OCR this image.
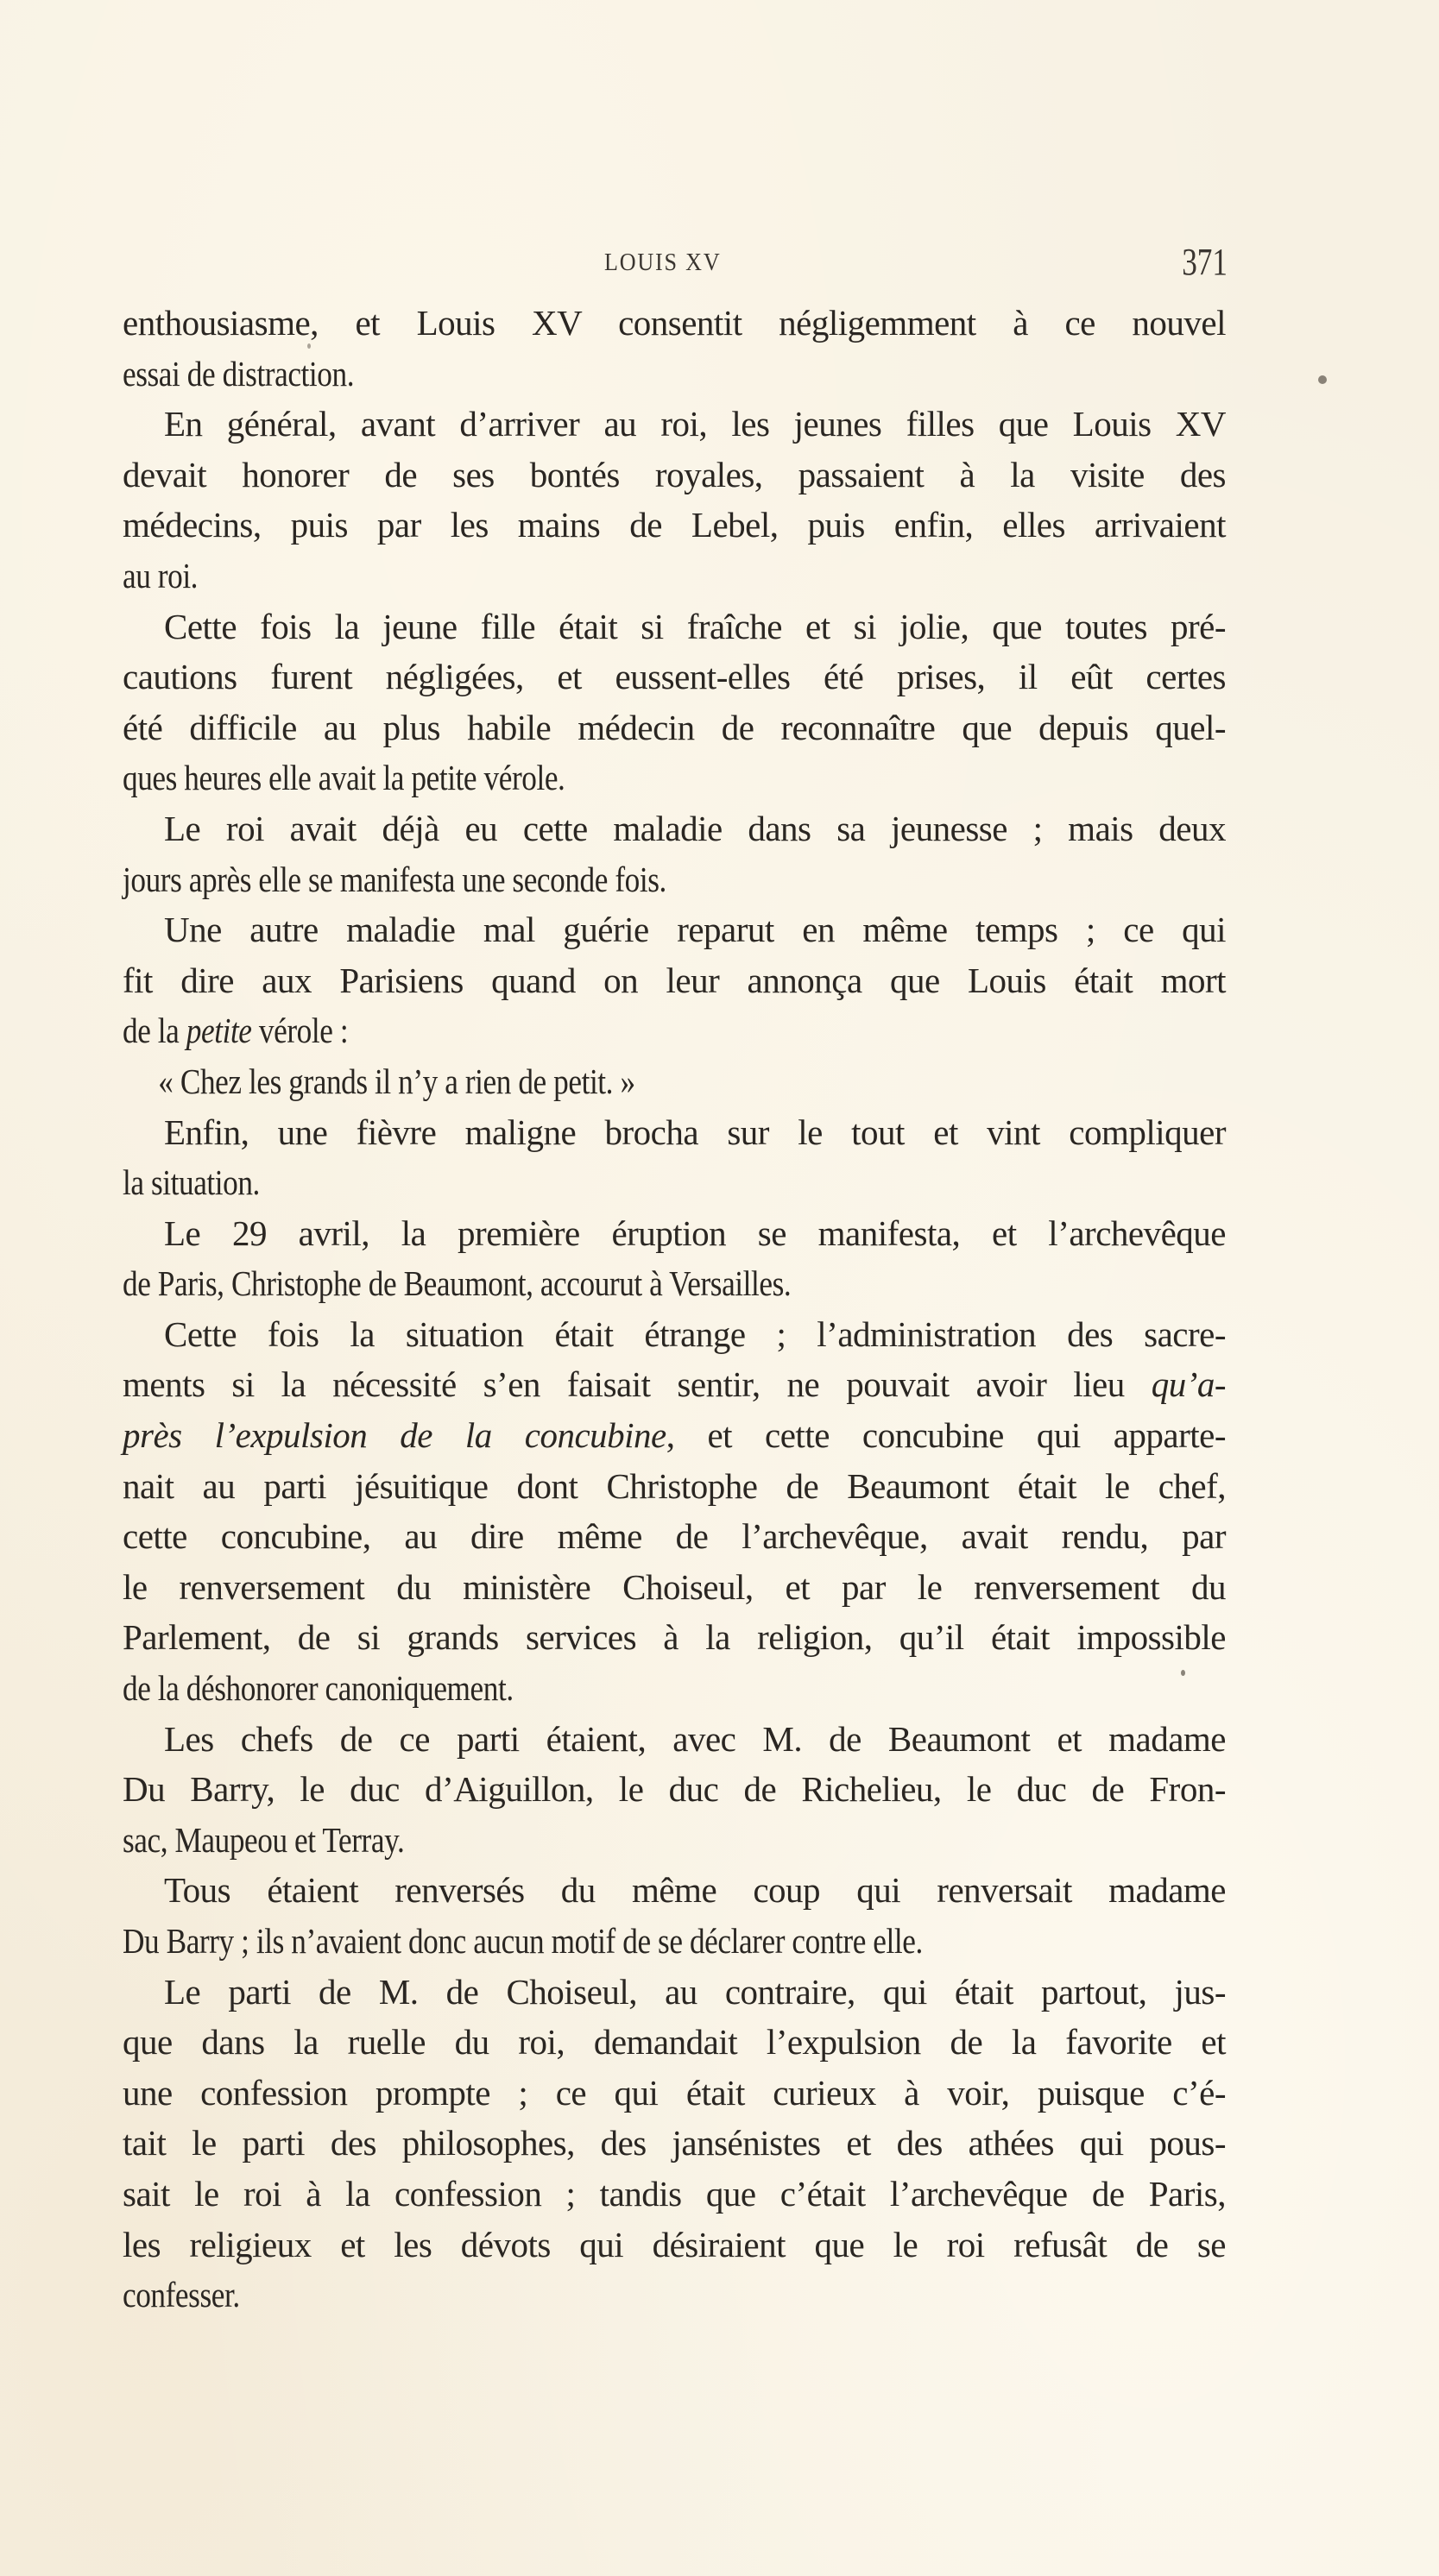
LOUIS XV	371
enthousiasme, et Louis XV consentit négligemment à ce nouvel
essai de distraction.
En général, avant d’arriver au roi, les jeunes filles que Louis XV
devait honorer de ses bontés royales, passaient à la visite des
médecins, puis par les mains de Lebel, puis enfin, elles arrivaient
au roi.
Cette fois la jeune fille était si fraîche et si jolie, que toutes pré-
cautions furent négligées, et eussent-elles été prises, il eût certes
été difficile au plus habile médecin de reconnaître que depuis quel-
ques heures elle avait la petite vérole.
Le roi avait déjà eu cette maladie dans sa jeunesse ; mais deux
jours après elle se manifesta une seconde fois.
Une autre maladie mal guérie reparut en même temps ; ce qui
fit dire aux Parisiens quand on leur annonça que Louis était mort
de la petite vérole :
« Chez les grands il n’y a rien de petit. »
Enfin, une fièvre maligne brocha sur le tout et vint compliquer
la situation.
Le 29 avril, la première éruption se manifesta, et l’archevêque
de Paris, Christophe de Beaumont, accourut à Versailles.
Cette fois la situation était étrange ; l’administration des sacre-
ments si la nécessité s’en faisait sentir, ne pouvait avoir lieu qu’a-
près l’expulsion de la concubine, et cette concubine qui apparte-
nait au parti jésuitique dont Christophe de Beaumont était le chef,
cette concubine, au dire même de l’archevêque, avait rendu, par
le renversement du ministère Choiseul, et par le renversement du
Parlement, de si grands services à la religion, qu’il était impossible
de la déshonorer canoniquement.
Les chefs de ce parti étaient, avec M. de Beaumont et madame
Du Barry, le duc d’Aiguillon, le duc de Richelieu, le duc de Fron-
sac, Maupeou et Terray.
Tous étaient renversés du même coup qui renversait madame
Du Barry ; ils n’avaient donc aucun motif de se déclarer contre elle.
Le parti de M. de Choiseul, au contraire, qui était partout, jus-
que dans la ruelle du roi, demandait l’expulsion de la favorite et
une confession prompte ; ce qui était curieux à voir, puisque c’é-
tait le parti des philosophes, des jansénistes et des athées qui pous-
sait le roi à la confession ; tandis que c’était l’archevêque de Paris,
les religieux et les dévots qui désiraient que le roi refusât de se
confesser.
